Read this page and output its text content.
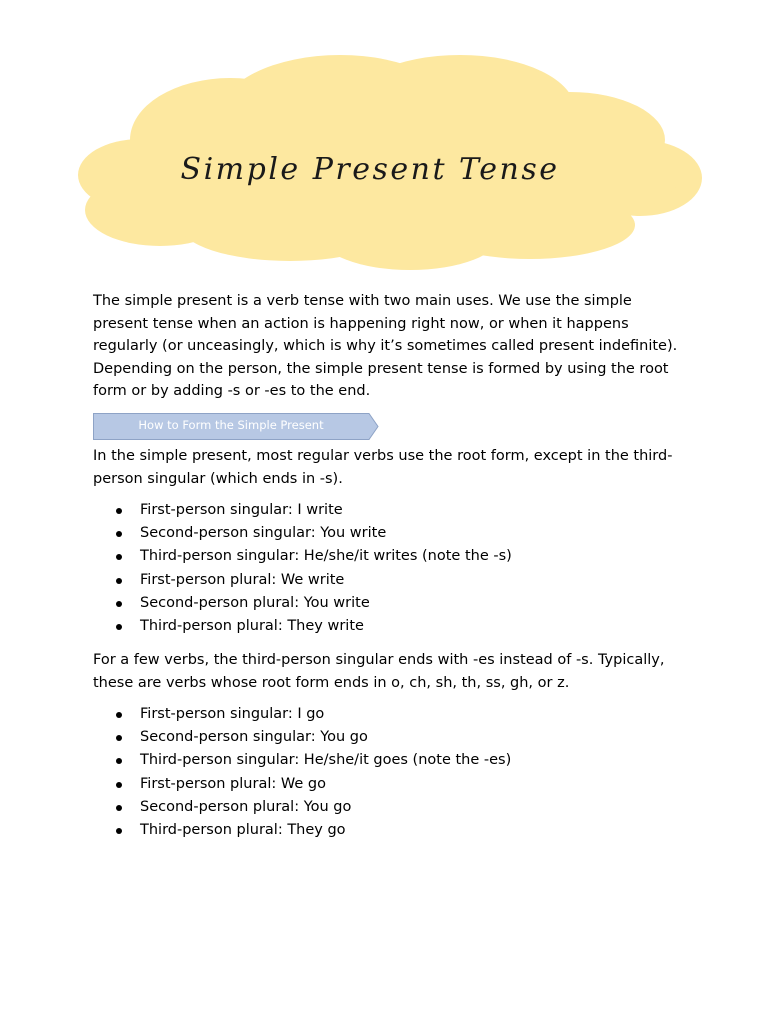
Simple Present Tense

The simple present is a verb tense with two main uses. We use the simple present tense when an action is happening right now, or when it happens regularly (or unceasingly, which is why it’s sometimes called present indefinite). Depending on the person, the simple present tense is formed by using the root form or by adding -s or -es to the end.

How to Form the Simple Present

In the simple present, most regular verbs use the root form, except in the third-person singular (which ends in -s).

First-person singular: I write
Second-person singular: You write
Third-person singular: He/she/it writes (note the -s)
First-person plural: We write
Second-person plural: You write
Third-person plural: They write

For a few verbs, the third-person singular ends with -es instead of -s. Typically, these are verbs whose root form ends in o, ch, sh, th, ss, gh, or z.

First-person singular: I go
Second-person singular: You go
Third-person singular: He/she/it goes (note the -es)
First-person plural: We go
Second-person plural: You go
Third-person plural: They go
